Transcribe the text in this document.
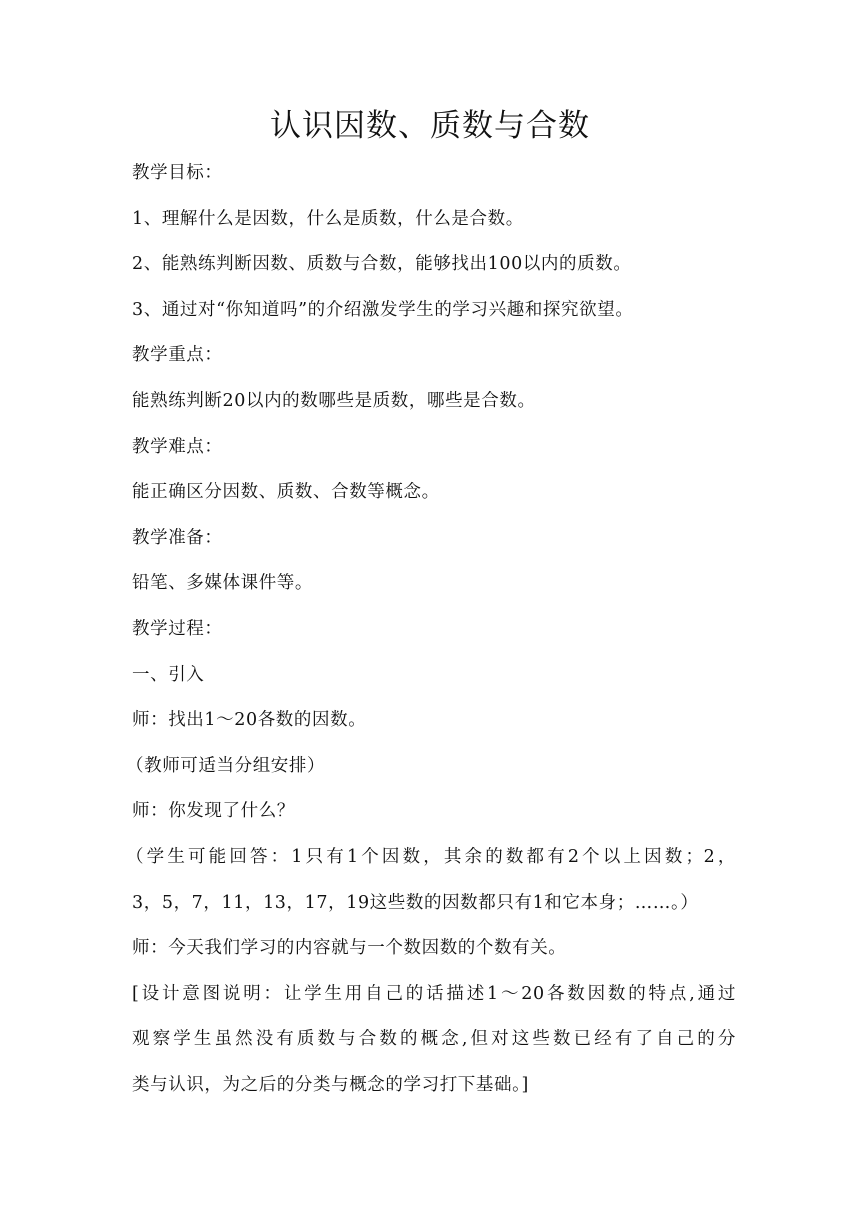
认识因数、质数与合数
教学目标：
1、理解什么是因数，什么是质数，什么是合数。
2、能熟练判断因数、质数与合数，能够找出100以内的质数。
3、通过对“你知道吗”的介绍激发学生的学习兴趣和探究欲望。
教学重点：
能熟练判断20以内的数哪些是质数，哪些是合数。
教学难点：
能正确区分因数、质数、合数等概念。
教学准备：
铅笔、多媒体课件等。
教学过程：
一、引入
师：找出1～20各数的因数。
（教师可适当分组安排）
师：你发现了什么？
（学生可能回答：1只有1个因数，其余的数都有2个以上因数；2，
3，5，7，11，13，17，19这些数的因数都只有1和它本身；……。）
师：今天我们学习的内容就与一个数因数的个数有关。
[设计意图说明：让学生用自己的话描述1～20各数因数的特点,通过
观察学生虽然没有质数与合数的概念,但对这些数已经有了自己的分
类与认识，为之后的分类与概念的学习打下基础。]
